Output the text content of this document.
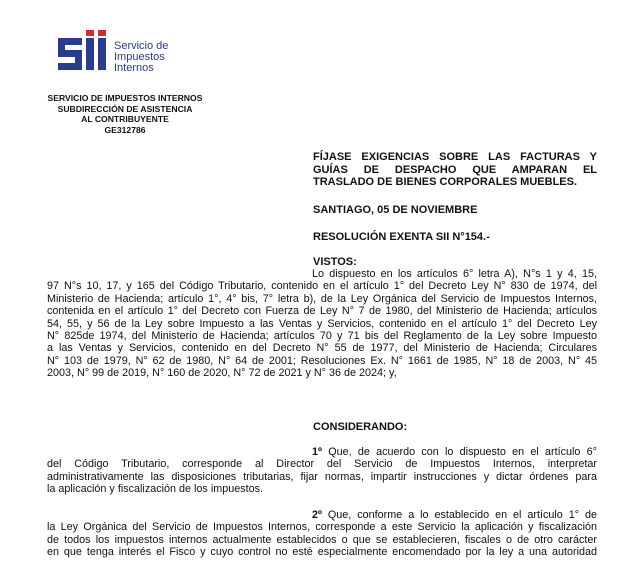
Servicio de
Impuestos
Internos
SERVICIO DE IMPUESTOS INTERNOS
SUBDIRECCIÓN DE ASISTENCIA
AL CONTRIBUYENTE
GE312786
FÍJASE EXIGENCIAS SOBRE LAS FACTURAS Y
GUÍAS DE DESPACHO QUE AMPARAN EL
TRASLADO DE BIENES CORPORALES MUEBLES.
SANTIAGO, 05 DE NOVIEMBRE
RESOLUCIÓN EXENTA SII N°154.-
VISTOS:
Lo dispuesto en los artículos 6° letra A), N°s 1 y 4, 15,
97 N°s 10, 17, y 165 del Código Tributario, contenido en el artículo 1° del Decreto Ley N° 830 de 1974, del
Ministerio de Hacienda; artículo 1°, 4° bis, 7° letra b), de la Ley Orgánica del Servicio de Impuestos Internos,
contenida en el artículo 1° del Decreto con Fuerza de Ley N° 7 de 1980, del Ministerio de Hacienda; artículos
54, 55, y 56 de la Ley sobre Impuesto a las Ventas y Servicios, contenido en el artículo 1° del Decreto Ley
N° 825de 1974, del Ministerio de Hacienda; artículos 70 y 71 bis del Reglamento de la Ley sobre Impuesto
a las Ventas y Servicios, contenido en del Decreto N° 55 de 1977, del Ministerio de Hacienda; Circulares
N° 103 de 1979, N° 62 de 1980, N° 64 de 2001; Resoluciones Ex. N° 1661 de 1985, N° 18 de 2003, N° 45
2003, N° 99 de 2019, N° 160 de 2020, N° 72 de 2021 y N° 36 de 2024; y,
CONSIDERANDO:
1º Que, de acuerdo con lo dispuesto en el artículo 6°
del Código Tributario, corresponde al Director del Servicio de Impuestos Internos, interpretar
administrativamente las disposiciones tributarias, fijar normas, impartir instrucciones y dictar órdenes para
la aplicación y fiscalización de los impuestos.
2º Que, conforme a lo establecido en el artículo 1° de
la Ley Orgánica del Servicio de Impuestos Internos, corresponde a este Servicio la aplicación y fiscalización
de todos los impuestos internos actualmente establecidos o que se establecieren, fiscales o de otro carácter
en que tenga interés el Fisco y cuyo control no esté especialmente encomendado por la ley a una autoridad
